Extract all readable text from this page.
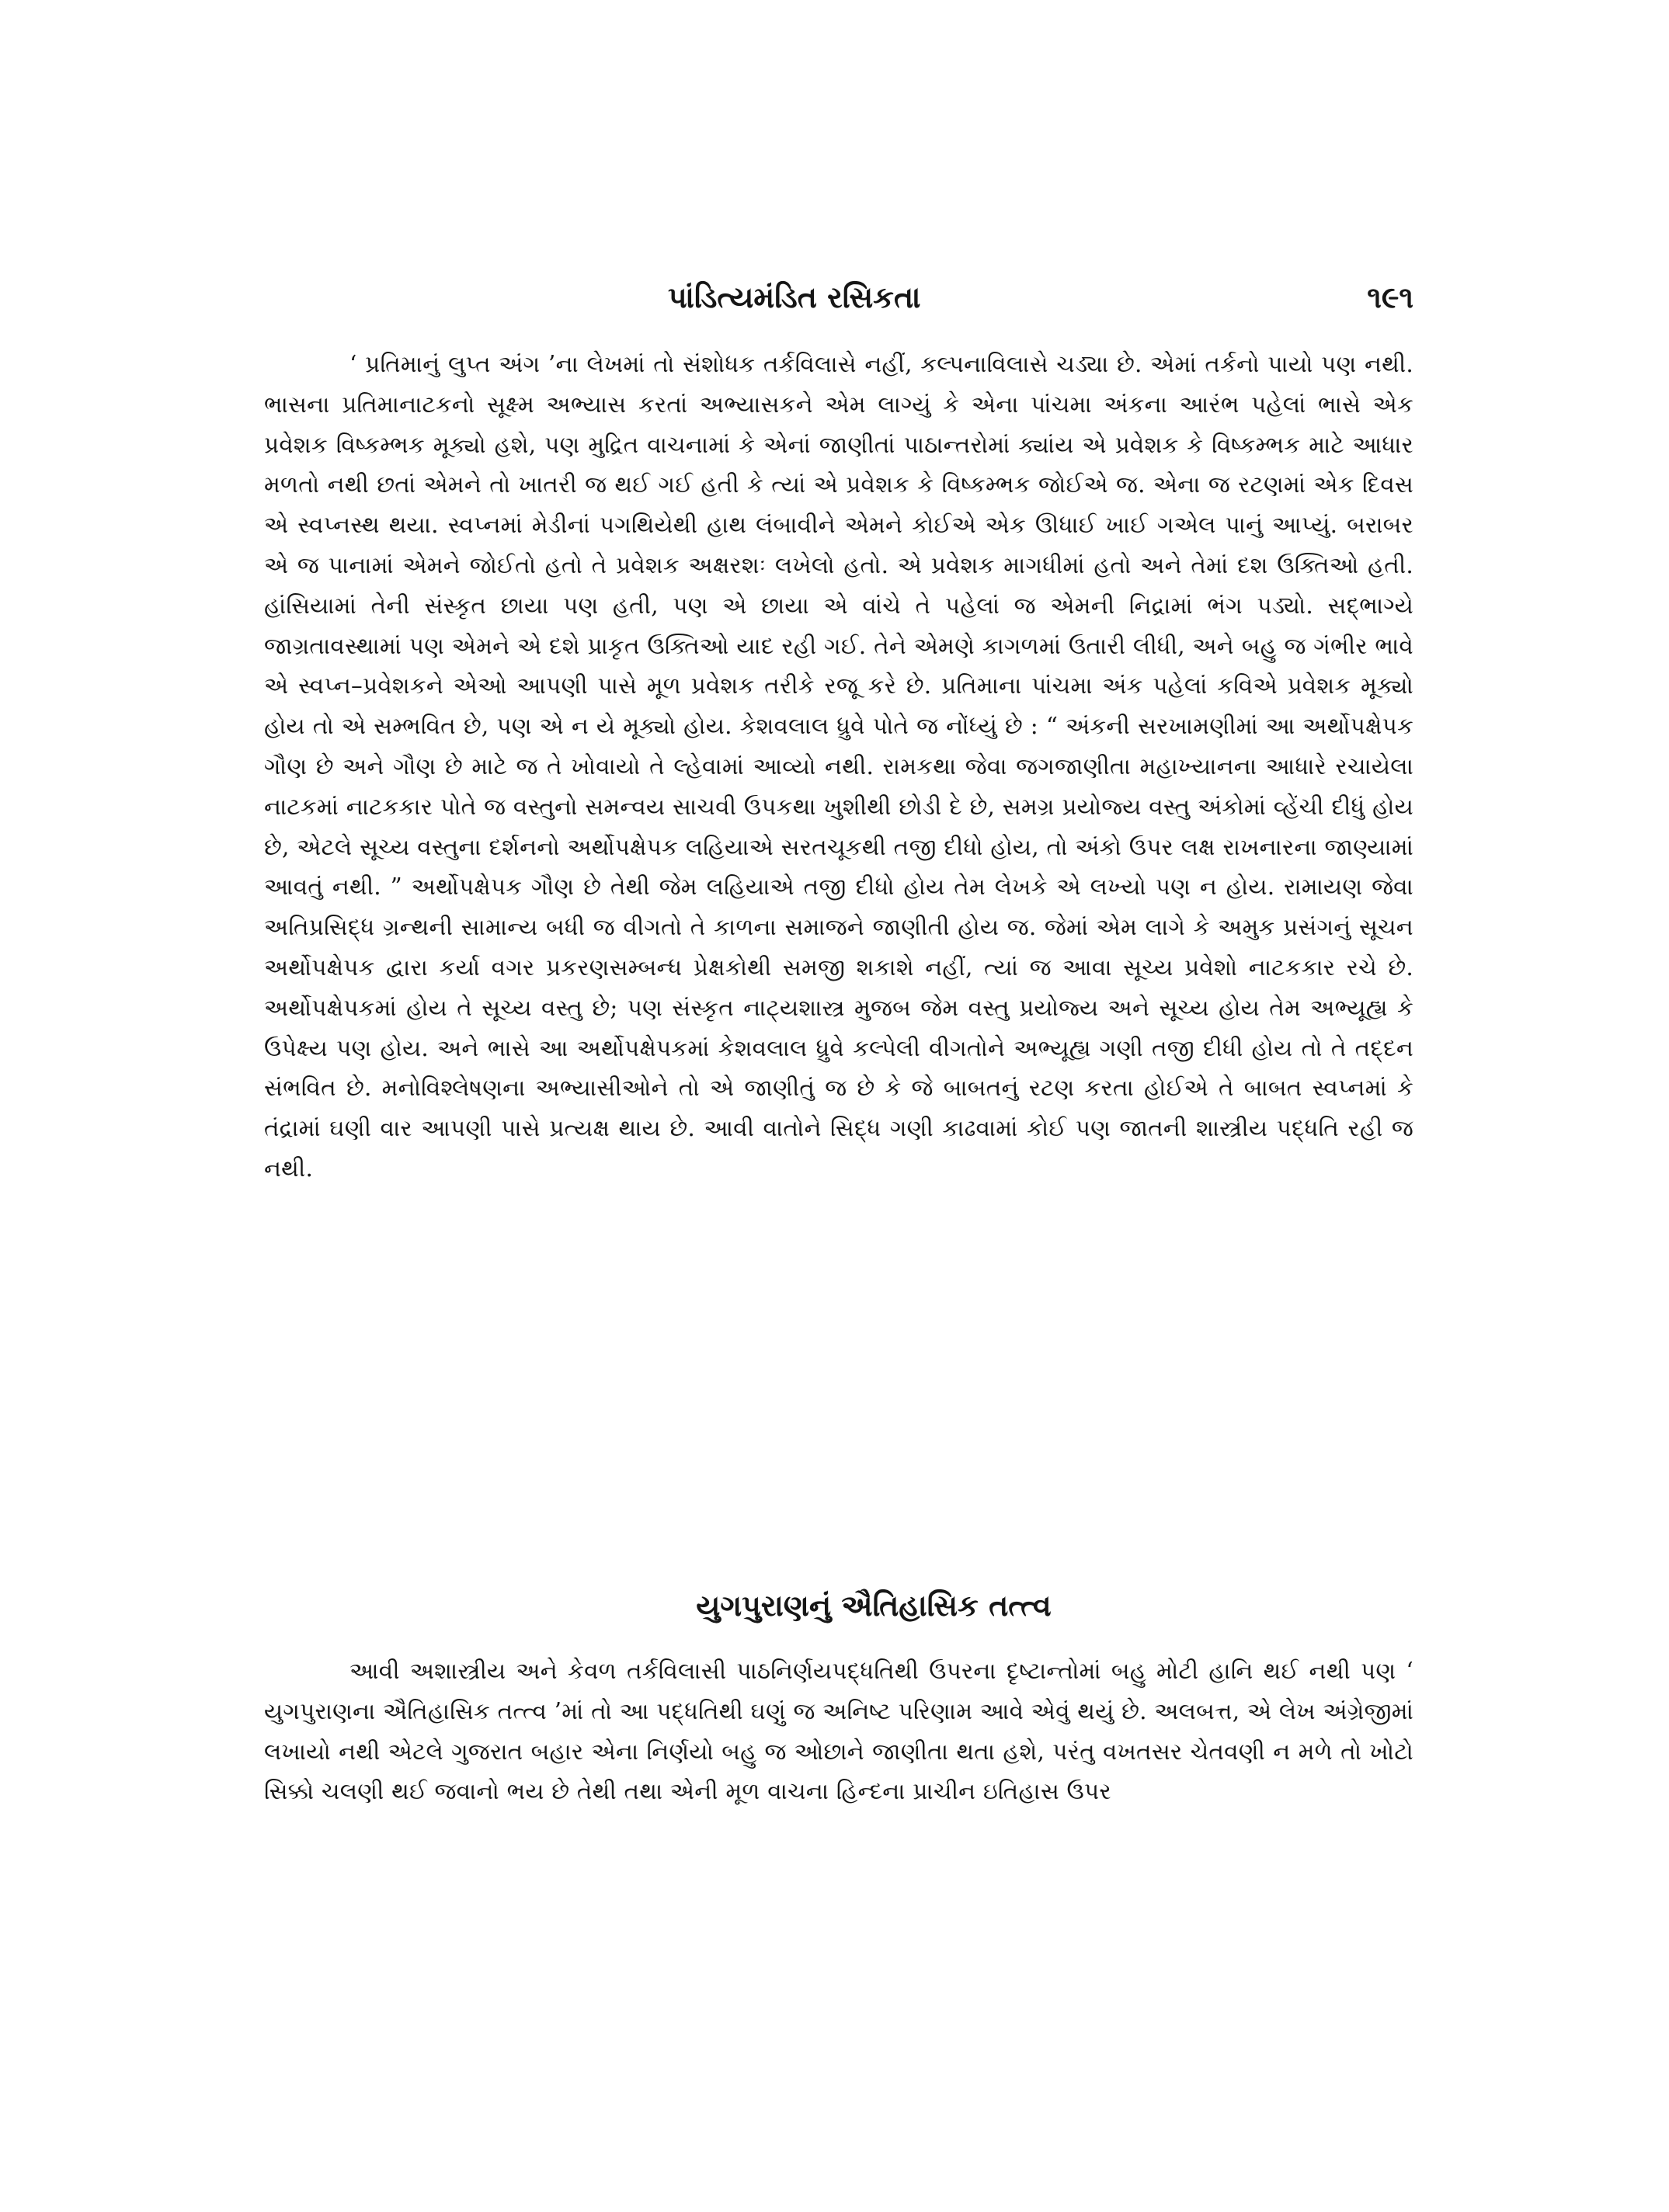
પાંડિત્યમંડિત રસિકતા	૧૯૧

‘ પ્રતિમાનું લુપ્ત અંગ ’ના લેખમાં તો સંશોધક તર્કવિલાસે નહીં, કલ્પનાવિલાસે ચડ્યા છે. એમાં તર્કનો પાયો પણ નથી. ભાસના પ્રતિમાનાટકનો સૂક્ષ્મ અભ્યાસ કરતાં અભ્યાસકને એમ લાગ્યું કે એના પાંચમા અંકના આરંભ પહેલાં ભાસે એક પ્રવેશક વિષ્કમ્ભક મૂક્યો હશે, પણ મુદ્રિત વાચનામાં કે એનાં જાણીતાં પાઠાન્તરોમાં ક્યાંય એ પ્રવેશક કે વિષ્કમ્ભક માટે આધાર મળતો નથી છતાં એમને તો ખાતરી જ થઈ ગઈ હતી કે ત્યાં એ પ્રવેશક કે વિષ્કમ્ભક જોઈએ જ. એના જ રટણમાં એક દિવસ એ સ્વપ્નસ્થ થયા. સ્વપ્નમાં મેડીનાં પગથિયેથી હાથ લંબાવીને એમને કોઈએ એક ઊધાઈ ખાઈ ગએલ પાનું આપ્યું. બરાબર એ જ પાનામાં એમને જોઈતો હતો તે પ્રવેશક અક્ષરશઃ લખેલો હતો. એ પ્રવેશક માગધીમાં હતો અને તેમાં દશ ઉક્તિઓ હતી. હાંસિયામાં તેની સંસ્કૃત છાયા પણ હતી, પણ એ છાયા એ વાંચે તે પહેલાં જ એમની નિદ્રામાં ભંગ પડ્યો. સદ્‌ભાગ્યે જાગ્રતાવસ્થામાં પણ એમને એ દશે પ્રાકૃત ઉક્તિઓ યાદ રહી ગઈ. તેને એમણે કાગળમાં ઉતારી લીધી, અને બહુ જ ગંભીર ભાવે એ સ્વપ્ન–પ્રવેશકને એઓ આપણી પાસે મૂળ પ્રવેશક તરીકે રજૂ કરે છે. પ્રતિમાના પાંચમા અંક પહેલાં કવિએ પ્રવેશક મૂક્યો હોય તો એ સમ્ભવિત છે, પણ એ ન યે મૂક્યો હોય. કેશવલાલ ધ્રુવે પોતે જ નોંધ્યું છે : “ અંકની સરખામણીમાં આ અર્થોપક્ષેપક ગૌણ છે અને ગૌણ છે માટે જ તે ખોવાયો તે લ્હેવામાં આવ્યો નથી. રામકથા જેવા જગજાણીતા મહાખ્યાનના આધારે રચાયેલા નાટકમાં નાટકકાર પોતે જ વસ્તુનો સમન્વય સાચવી ઉપકથા ખુશીથી છોડી દે છે, સમગ્ર પ્રયોજ્ય વસ્તુ અંકોમાં વ્હેંચી દીધું હોય છે, એટલે સૂચ્ય વસ્તુના દર્શનનો અર્થોપક્ષેપક લહિયાએ સરતચૂકથી તજી દીધો હોય, તો અંકો ઉપર લક્ષ રાખનારના જાણ્યામાં આવતું નથી. ” અર્થોપક્ષેપક ગૌણ છે તેથી જેમ લહિયાએ તજી દીધો હોય તેમ લેખકે એ લખ્યો પણ ન હોય. રામાયણ જેવા અતિપ્રસિદ્ધ ગ્રન્થની સામાન્ય બધી જ વીગતો તે કાળના સમાજને જાણીતી હોય જ. જેમાં એમ લાગે કે અમુક પ્રસંગનું સૂચન અર્થોપક્ષેપક દ્વારા કર્યા વગર પ્રકરણસમ્બન્ધ પ્રેક્ષકોથી સમજી શકાશે નહીં, ત્યાં જ આવા સૂચ્ય પ્રવેશો નાટકકાર રચે છે. અર્થોપક્ષેપકમાં હોય તે સૂચ્ય વસ્તુ છે; પણ સંસ્કૃત નાટ્યશાસ્ત્ર મુજબ જેમ વસ્તુ પ્રયોજ્ય અને સૂચ્ય હોય તેમ અભ્યૂહ્ય કે ઉપેક્ષ્ય પણ હોય. અને ભાસે આ અર્થોપક્ષેપકમાં કેશવલાલ ધ્રુવે કલ્પેલી વીગતોને અભ્યૂહ્ય ગણી તજી દીધી હોય તો તે તદ્દન સંભવિત છે. મનોવિશ્લેષણના અભ્યાસીઓને તો એ જાણીતું જ છે કે જે બાબતનું રટણ કરતા હોઈએ તે બાબત સ્વપ્નમાં કે તંદ્રામાં ઘણી વાર આપણી પાસે પ્રત્યક્ષ થાય છે. આવી વાતોને સિદ્ધ ગણી કાઢવામાં કોઈ પણ જાતની શાસ્ત્રીય પદ્ધતિ રહી જ નથી.

યુગપુરાણનું ઐતિહાસિક તત્ત્વ

આવી અશાસ્ત્રીય અને કેવળ તર્કવિલાસી પાઠનિર્ણયપદ્ધતિથી ઉપરના દૃષ્ટાન્તોમાં બહુ મોટી હાનિ થઈ નથી પણ ‘ યુગપુરાણના ઐતિહાસિક તત્ત્વ ’માં તો આ પદ્ધતિથી ઘણું જ અનિષ્ટ પરિણામ આવે એવું થયું છે. અલબત્ત, એ લેખ અંગ્રેજીમાં લખાયો નથી એટલે ગુજરાત બહાર એના નિર્ણયો બહુ જ ઓછાને જાણીતા થતા હશે, પરંતુ વખતસર ચેતવણી ન મળે તો ખોટો સિક્કો ચલણી થઈ જવાનો ભય છે તેથી તથા એની મૂળ વાચના હિન્દના પ્રાચીન ઇતિહાસ ઉપર
